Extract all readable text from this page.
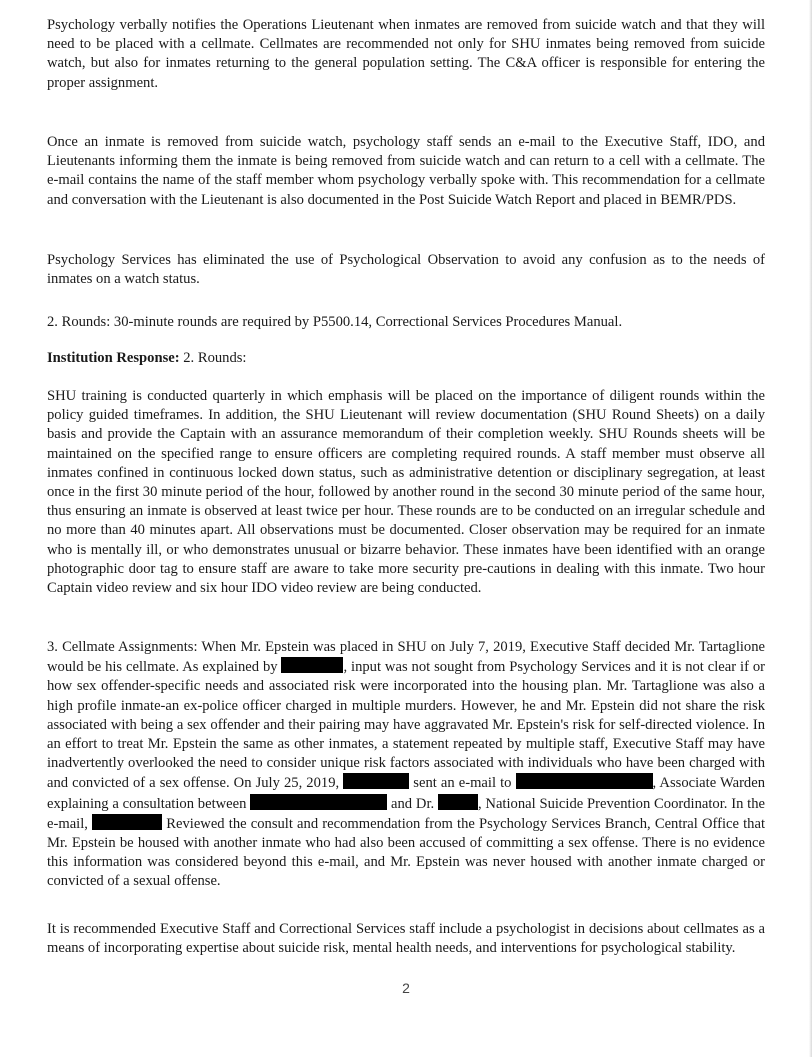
Psychology verbally notifies the Operations Lieutenant when inmates are removed from suicide watch and that they will need to be placed with a cellmate. Cellmates are recommended not only for SHU inmates being removed from suicide watch, but also for inmates returning to the general population setting. The C&A officer is responsible for entering the proper assignment.

Once an inmate is removed from suicide watch, psychology staff sends an e-mail to the Executive Staff, IDO, and Lieutenants informing them the inmate is being removed from suicide watch and can return to a cell with a cellmate. The e-mail contains the name of the staff member whom psychology verbally spoke with. This recommendation for a cellmate and conversation with the Lieutenant is also documented in the Post Suicide Watch Report and placed in BEMR/PDS.

Psychology Services has eliminated the use of Psychological Observation to avoid any confusion as to the needs of inmates on a watch status.

2. Rounds: 30-minute rounds are required by P5500.14, Correctional Services Procedures Manual.

Institution Response: 2. Rounds:

SHU training is conducted quarterly in which emphasis will be placed on the importance of diligent rounds within the policy guided timeframes. In addition, the SHU Lieutenant will review documentation (SHU Round Sheets) on a daily basis and provide the Captain with an assurance memorandum of their completion weekly. SHU Rounds sheets will be maintained on the specified range to ensure officers are completing required rounds. A staff member must observe all inmates confined in continuous locked down status, such as administrative detention or disciplinary segregation, at least once in the first 30 minute period of the hour, followed by another round in the second 30 minute period of the same hour, thus ensuring an inmate is observed at least twice per hour. These rounds are to be conducted on an irregular schedule and no more than 40 minutes apart. All observations must be documented. Closer observation may be required for an inmate who is mentally ill, or who demonstrates unusual or bizarre behavior. These inmates have been identified with an orange photographic door tag to ensure staff are aware to take more security pre-cautions in dealing with this inmate. Two hour Captain video review and six hour IDO video review are being conducted.

3. Cellmate Assignments: When Mr. Epstein was placed in SHU on July 7, 2019, Executive Staff decided Mr. Tartaglione would be his cellmate. As explained by	, input was not sought from Psychology Services and it is not clear if or how sex offender-specific needs and associated risk were incorporated into the housing plan. Mr. Tartaglione was also a high profile inmate-an ex-police officer charged in multiple murders. However, he and Mr. Epstein did not share the risk associated with being a sex offender and their pairing may have aggravated Mr. Epstein's risk for self-directed violence. In an effort to treat Mr. Epstein the same as other inmates, a statement repeated by multiple staff, Executive Staff may have inadvertently overlooked the need to consider unique risk factors associated with individuals who have been charged with and convicted of a sex offense. On July 25, 2019,	sent an e-mail to	, Associate Warden explaining a consultation between	and Dr.	, National Suicide Prevention Coordinator. In the e-mail,	Reviewed the consult and recommendation from the Psychology Services Branch, Central Office that Mr. Epstein be housed with another inmate who had also been accused of committing a sex offense. There is no evidence this information was considered beyond this e-mail, and Mr. Epstein was never housed with another inmate charged or convicted of a sexual offense.

It is recommended Executive Staff and Correctional Services staff include a psychologist in decisions about cellmates as a means of incorporating expertise about suicide risk, mental health needs, and interventions for psychological stability.

2
